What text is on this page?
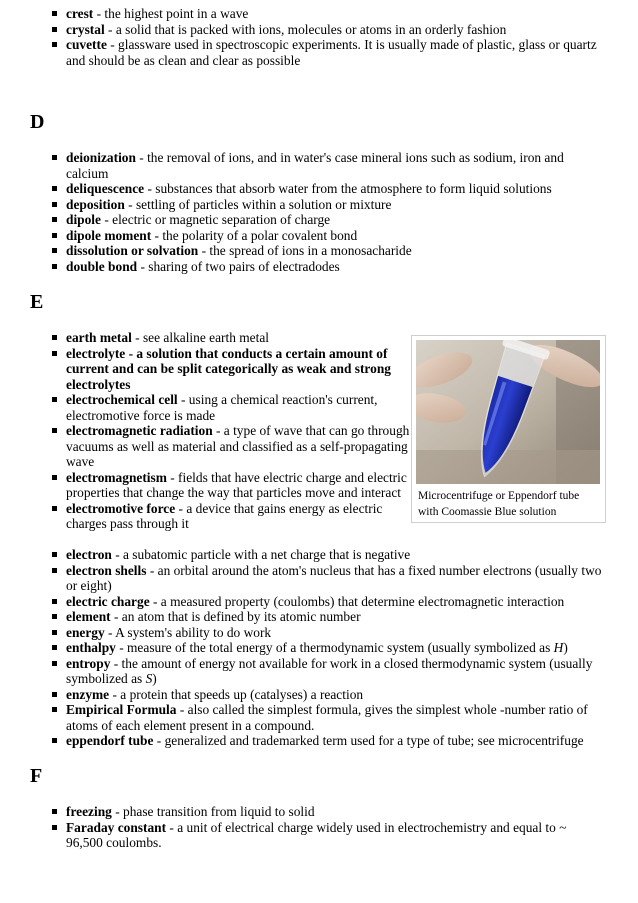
crest - the highest point in a wave
crystal - a solid that is packed with ions, molecules or atoms in an orderly fashion
cuvette - glassware used in spectroscopic experiments. It is usually made of plastic, glass or quartz and should be as clean and clear as possible
D
deionization - the removal of ions, and in water's case mineral ions such as sodium, iron and calcium
deliquescence - substances that absorb water from the atmosphere to form liquid solutions
deposition - settling of particles within a solution or mixture
dipole - electric or magnetic separation of charge
dipole moment - the polarity of a polar covalent bond
dissolution or solvation - the spread of ions in a monosacharide
double bond - sharing of two pairs of electradodes
E
earth metal - see alkaline earth metal
electrolyte - a solution that conducts a certain amount of current and can be split categorically as weak and strong electrolytes
electrochemical cell - using a chemical reaction's current, electromotive force is made
electromagnetic radiation - a type of wave that can go through vacuums as well as material and classified as a self-propagating wave
electromagnetism - fields that have electric charge and electric properties that change the way that particles move and interact
electromotive force - a device that gains energy as electric charges pass through it
Microcentrifuge or Eppendorf tube with Coomassie Blue solution
electron - a subatomic particle with a net charge that is negative
electron shells - an orbital around the atom's nucleus that has a fixed number electrons (usually two or eight)
electric charge - a measured property (coulombs) that determine electromagnetic interaction
element - an atom that is defined by its atomic number
energy - A system's ability to do work
enthalpy - measure of the total energy of a thermodynamic system (usually symbolized as H)
entropy - the amount of energy not available for work in a closed thermodynamic system (usually symbolized as S)
enzyme - a protein that speeds up (catalyses) a reaction
Empirical Formula - also called the simplest formula, gives the simplest whole -number ratio of atoms of each element present in a compound.
eppendorf tube - generalized and trademarked term used for a type of tube; see microcentrifuge
F
freezing - phase transition from liquid to solid
Faraday constant - a unit of electrical charge widely used in electrochemistry and equal to ~ 96,500 coulombs.
